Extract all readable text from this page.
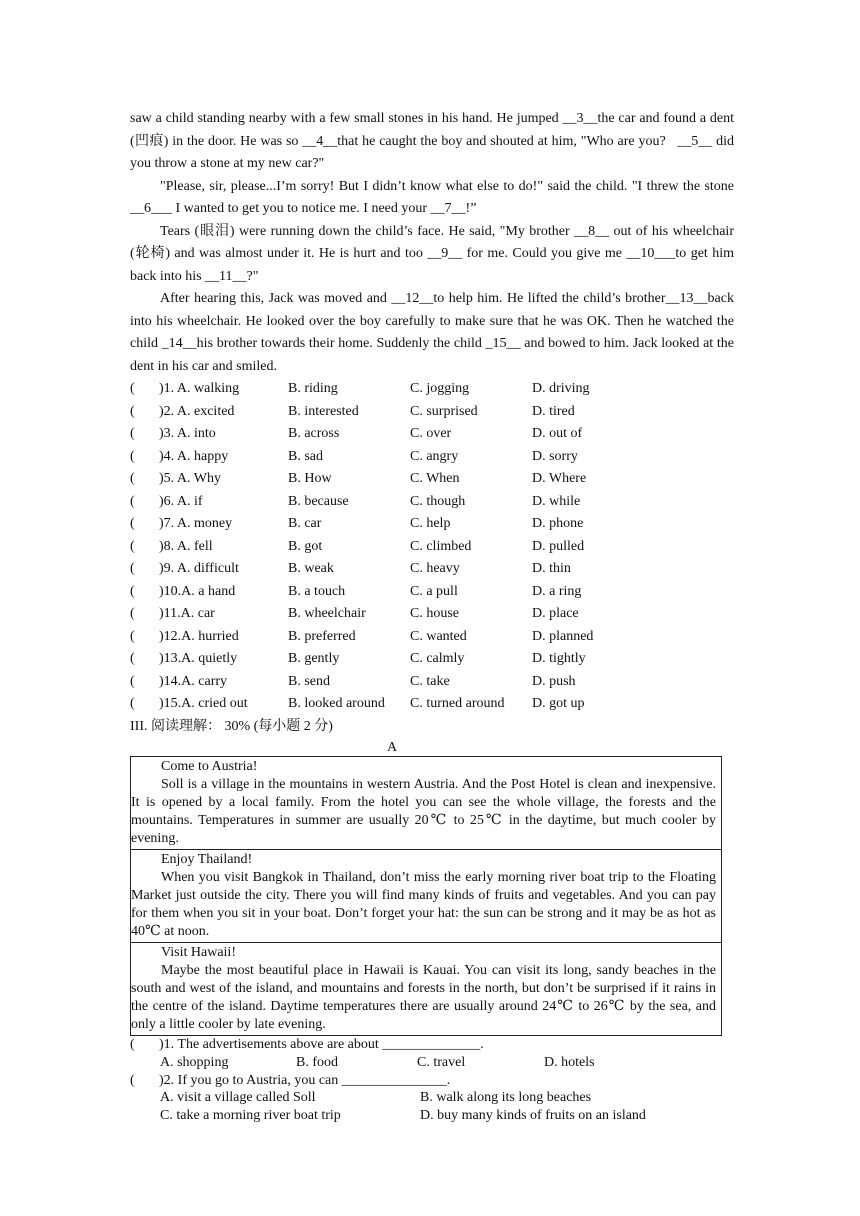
saw a child standing nearby with a few small stones in his hand. He jumped __3__the car and found a dent (凹痕) in the door. He was so __4__that he caught the boy and shouted at him, "Who are you?   __5__ did you throw a stone at my new car?"

"Please, sir, please...I’m sorry! But I didn’t know what else to do!" said the child. "I threw the stone __6___ I wanted to get you to notice me. I need your __7__!”

Tears (眼泪) were running down the child’s face. He said, "My brother __8__ out of his wheelchair (轮椅) and was almost under it. He is hurt and too __9__ for me. Could you give me __10___to get him back into his __11__?"

After hearing this, Jack was moved and __12__to help him. He lifted the child’s brother__13__back into his wheelchair. He looked over the boy carefully to make sure that he was OK. Then he watched the child _14__his brother towards their home. Suddenly the child _15__ and bowed to him. Jack looked at the dent in his car and smiled.

( )1. A. walking	B. riding	C. jogging	D. driving
( )2. A. excited	B. interested	C. surprised	D. tired
( )3. A. into	B. across	C. over	D. out of
( )4. A. happy	B. sad	C. angry	D. sorry
( )5. A. Why	B. How	C. When	D. Where
( )6. A. if	B. because	C. though	D. while
( )7. A. money	B. car	C. help	D. phone
( )8. A. fell	B. got	C. climbed	D. pulled
( )9. A. difficult	B. weak	C. heavy	D. thin
( )10.A. a hand	B. a touch	C. a pull	D. a ring
( )11.A. car	B. wheelchair	C. house	D. place
( )12.A. hurried	B. preferred	C. wanted	D. planned
( )13.A. quietly	B. gently	C. calmly	D. tightly
( )14.A. carry	B. send	C. take	D. push
( )15.A. cried out	B. looked around C. turned around D. got up

III. 阅读理解： 30% (每小题 2 分)

A

Come to Austria!

Soll is a village in the mountains in western Austria. And the Post Hotel is clean and inexpensive. It is opened by a local family. From the hotel you can see the whole village, the forests and the mountains. Temperatures in summer are usually 20℃ to 25℃ in the daytime, but much cooler by evening.

Enjoy Thailand!

When you visit Bangkok in Thailand, don’t miss the early morning river boat trip to the Floating Market just outside the city. There you will find many kinds of fruits and vegetables. And you can pay for them when you sit in your boat. Don’t forget your hat: the sun can be strong and it may be as hot as 40℃ at noon.

Visit Hawaii!

Maybe the most beautiful place in Hawaii is Kauai. You can visit its long, sandy beaches in the south and west of the island, and mountains and forests in the north, but don’t be surprised if it rains in the centre of the island. Daytime temperatures there are usually around 24℃ to 26℃ by the sea, and only a little cooler by late evening.

( )1. The advertisements above are about ______________.
A. shopping	B. food	C. travel	D. hotels
( )2. If you go to Austria, you can _______________.
A. visit a village called Soll	B. walk along its long beaches
C. take a morning river boat trip	D. buy many kinds of fruits on an island
